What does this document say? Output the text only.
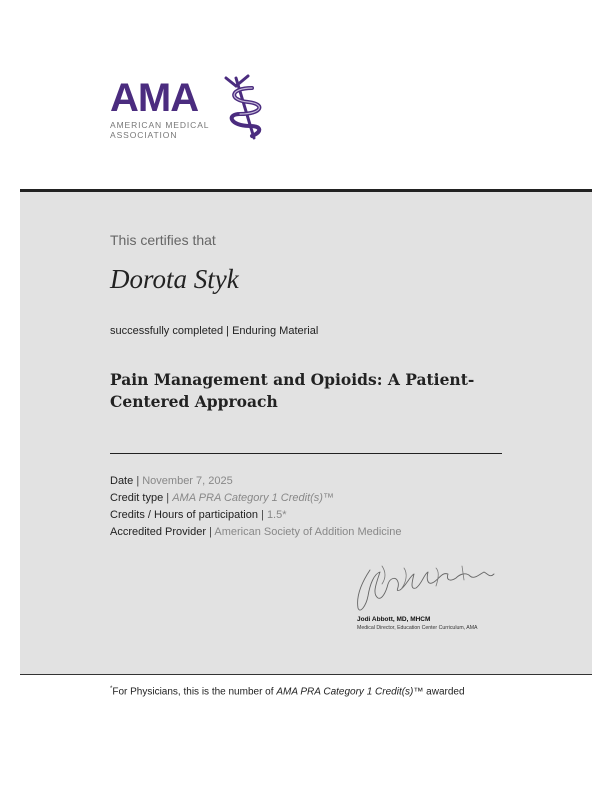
AMA
AMERICAN MEDICAL
ASSOCIATION
This certifies that
Dorota Styk
successfully completed | Enduring Material
Pain Management and Opioids: A Patient-Centered Approach
Date | November 7, 2025
Credit type | AMA PRA Category 1 Credit(s)™
Credits / Hours of participation | 1.5*
Accredited Provider | American Society of Addition Medicine
Jodi Abbott, MD, MHCM
Medical Director, Education Center Curriculum, AMA
*For Physicians, this is the number of AMA PRA Category 1 Credit(s)™ awarded
